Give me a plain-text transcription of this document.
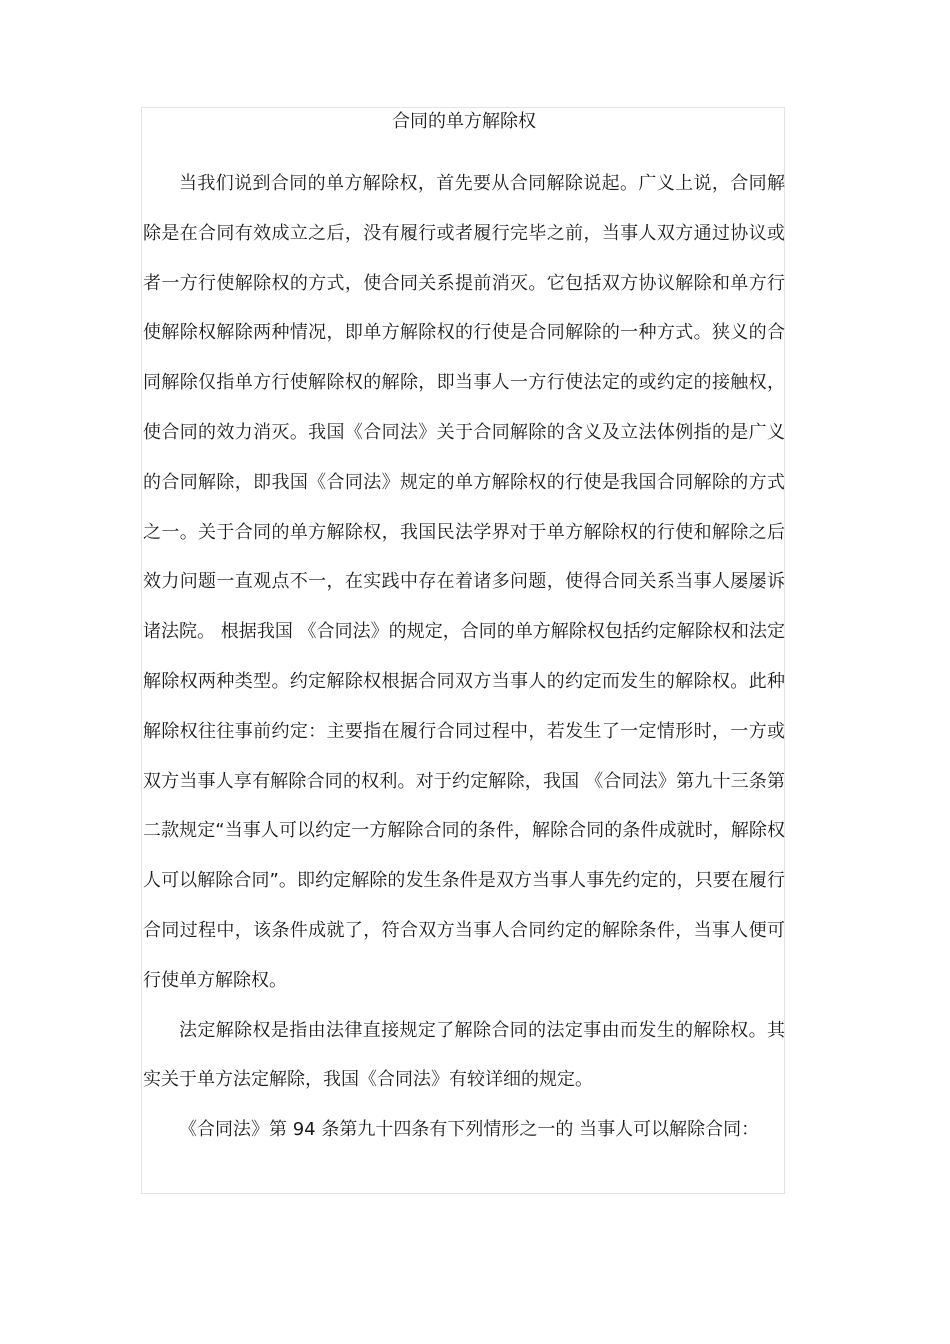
合同的单方解除权

当我们说到合同的单方解除权，首先要从合同解除说起。广义上说，合同解除是在合同有效成立之后，没有履行或者履行完毕之前，当事人双方通过协议或者一方行使解除权的方式，使合同关系提前消灭。它包括双方协议解除和单方行使解除权解除两种情况，即单方解除权的行使是合同解除的一种方式。狭义的合同解除仅指单方行使解除权的解除，即当事人一方行使法定的或约定的接触权，使合同的效力消灭。我国《合同法》关于合同解除的含义及立法体例指的是广义的合同解除，即我国《合同法》规定的单方解除权的行使是我国合同解除的方式之一。关于合同的单方解除权，我国民法学界对于单方解除权的行使和解除之后效力问题一直观点不一，在实践中存在着诸多问题，使得合同关系当事人屡屡诉诸法院。 根据我国 《合同法》的规定，合同的单方解除权包括约定解除权和法定解除权两种类型。约定解除权根据合同双方当事人的约定而发生的解除权。此种解除权往往事前约定：主要指在履行合同过程中，若发生了一定情形时，一方或双方当事人享有解除合同的权利。对于约定解除，我国 《合同法》第九十三条第二款规定“当事人可以约定一方解除合同的条件，解除合同的条件成就时，解除权人可以解除合同”。即约定解除的发生条件是双方当事人事先约定的，只要在履行合同过程中，该条件成就了，符合双方当事人合同约定的解除条件，当事人便可行使单方解除权。

法定解除权是指由法律直接规定了解除合同的法定事由而发生的解除权。其实关于单方法定解除，我国《合同法》有较详细的规定。

《合同法》第 94 条第九十四条有下列情形之一的 当事人可以解除合同：
